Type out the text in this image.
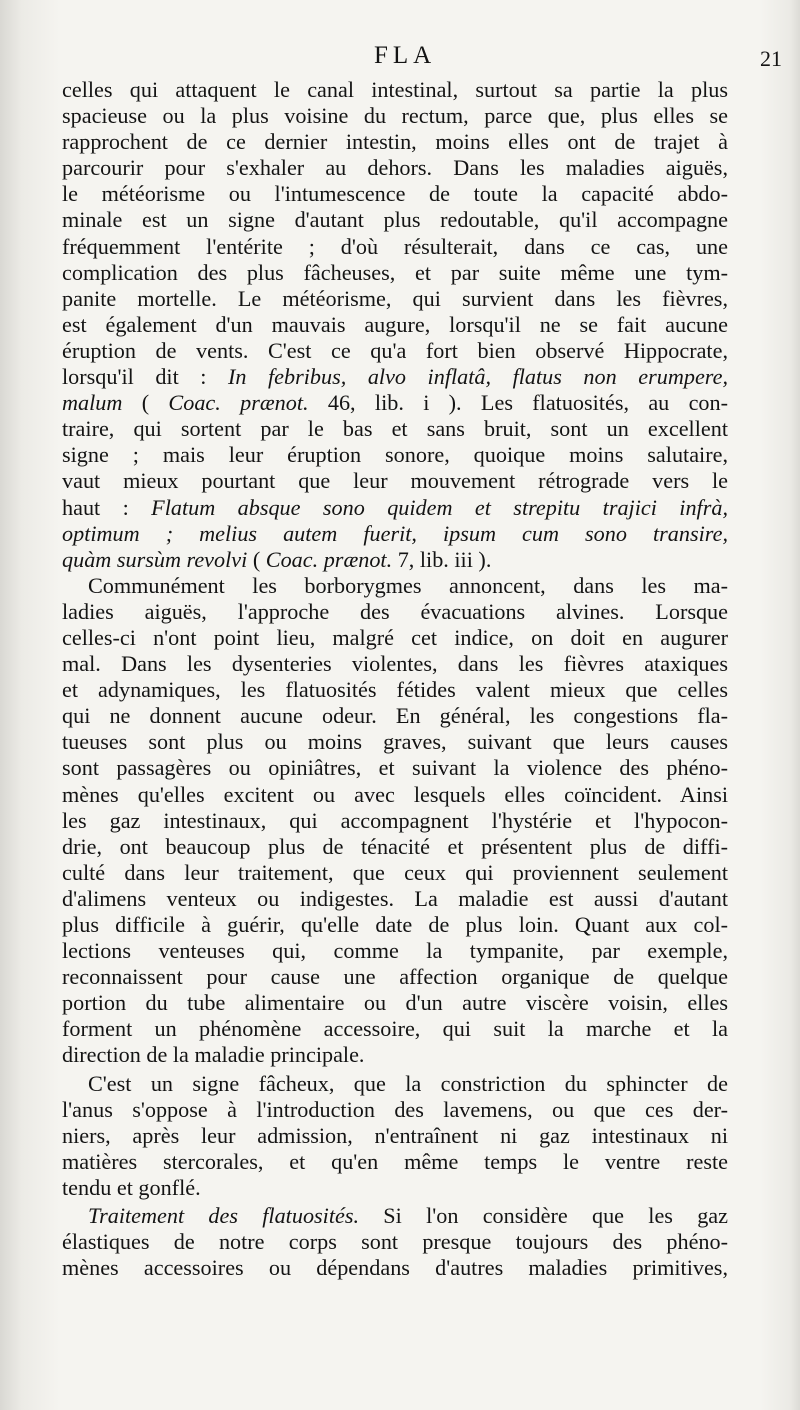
FLA	21

celles qui attaquent le canal intestinal, surtout sa partie la plus

spacieuse ou la plus voisine du rectum, parce que, plus elles se

rapprochent de ce dernier intestin, moins elles ont de trajet à

parcourir pour s'exhaler au dehors. Dans les maladies aiguës,

le météorisme ou l'intumescence de toute la capacité abdo-

minale est un signe d'autant plus redoutable, qu'il accompagne

fréquemment l'entérite ; d'où résulterait, dans ce cas, une

complication des plus fâcheuses, et par suite même une tym-

panite mortelle. Le météorisme, qui survient dans les fièvres,

est également d'un mauvais augure, lorsqu'il ne se fait aucune

éruption de vents. C'est ce qu'a fort bien observé Hippocrate,

lorsqu'il dit : In febribus, alvo inflatâ, flatus non erumpere,

malum ( Coac. prænot. 46, lib. i ). Les flatuosités, au con-

traire, qui sortent par le bas et sans bruit, sont un excellent

signe ; mais leur éruption sonore, quoique moins salutaire,

vaut mieux pourtant que leur mouvement rétrograde vers le

haut : Flatum absque sono quidem et strepitu trajici infrà,

optimum ; melius autem fuerit, ipsum cum sono transire,

quàm sursùm revolvi ( Coac. prænot. 7, lib. iii ).

Communément les borborygmes annoncent, dans les ma-

ladies aiguës, l'approche des évacuations alvines. Lorsque

celles-ci n'ont point lieu, malgré cet indice, on doit en augurer

mal. Dans les dysenteries violentes, dans les fièvres ataxiques

et adynamiques, les flatuosités fétides valent mieux que celles

qui ne donnent aucune odeur. En général, les congestions fla-

tueuses sont plus ou moins graves, suivant que leurs causes

sont passagères ou opiniâtres, et suivant la violence des phéno-

mènes qu'elles excitent ou avec lesquels elles coïncident. Ainsi

les gaz intestinaux, qui accompagnent l'hystérie et l'hypocon-

drie, ont beaucoup plus de ténacité et présentent plus de diffi-

culté dans leur traitement, que ceux qui proviennent seulement

d'alimens venteux ou indigestes. La maladie est aussi d'autant

plus difficile à guérir, qu'elle date de plus loin. Quant aux col-

lections venteuses qui, comme la tympanite, par exemple,

reconnaissent pour cause une affection organique de quelque

portion du tube alimentaire ou d'un autre viscère voisin, elles

forment un phénomène accessoire, qui suit la marche et la

direction de la maladie principale.

C'est un signe fâcheux, que la constriction du sphincter de

l'anus s'oppose à l'introduction des lavemens, ou que ces der-

niers, après leur admission, n'entraînent ni gaz intestinaux ni

matières stercorales, et qu'en même temps le ventre reste

tendu et gonflé.

Traitement des flatuosités. Si l'on considère que les gaz

élastiques de notre corps sont presque toujours des phéno-

mènes accessoires ou dépendans d'autres maladies primitives,
